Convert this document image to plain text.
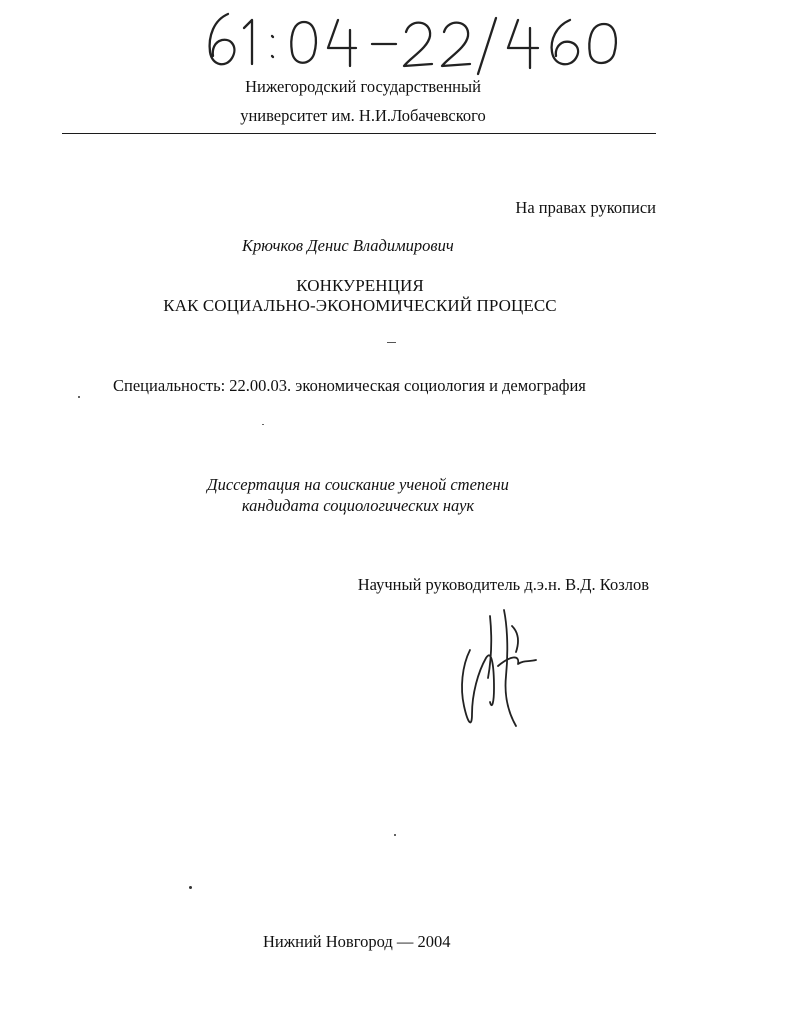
Нижегородский государственный
университет им. Н.И.Лобачевского
На правах рукописи
Крючков Денис Владимирович
КОНКУРЕНЦИЯ
КАК СОЦИАЛЬНО-ЭКОНОМИЧЕСКИЙ ПРОЦЕСС
Специальность: 22.00.03. экономическая социология и демография
Диссертация на соискание ученой степени
кандидата социологических наук
Научный руководитель д.э.н. В.Д. Козлов
Нижний Новгород — 2004
